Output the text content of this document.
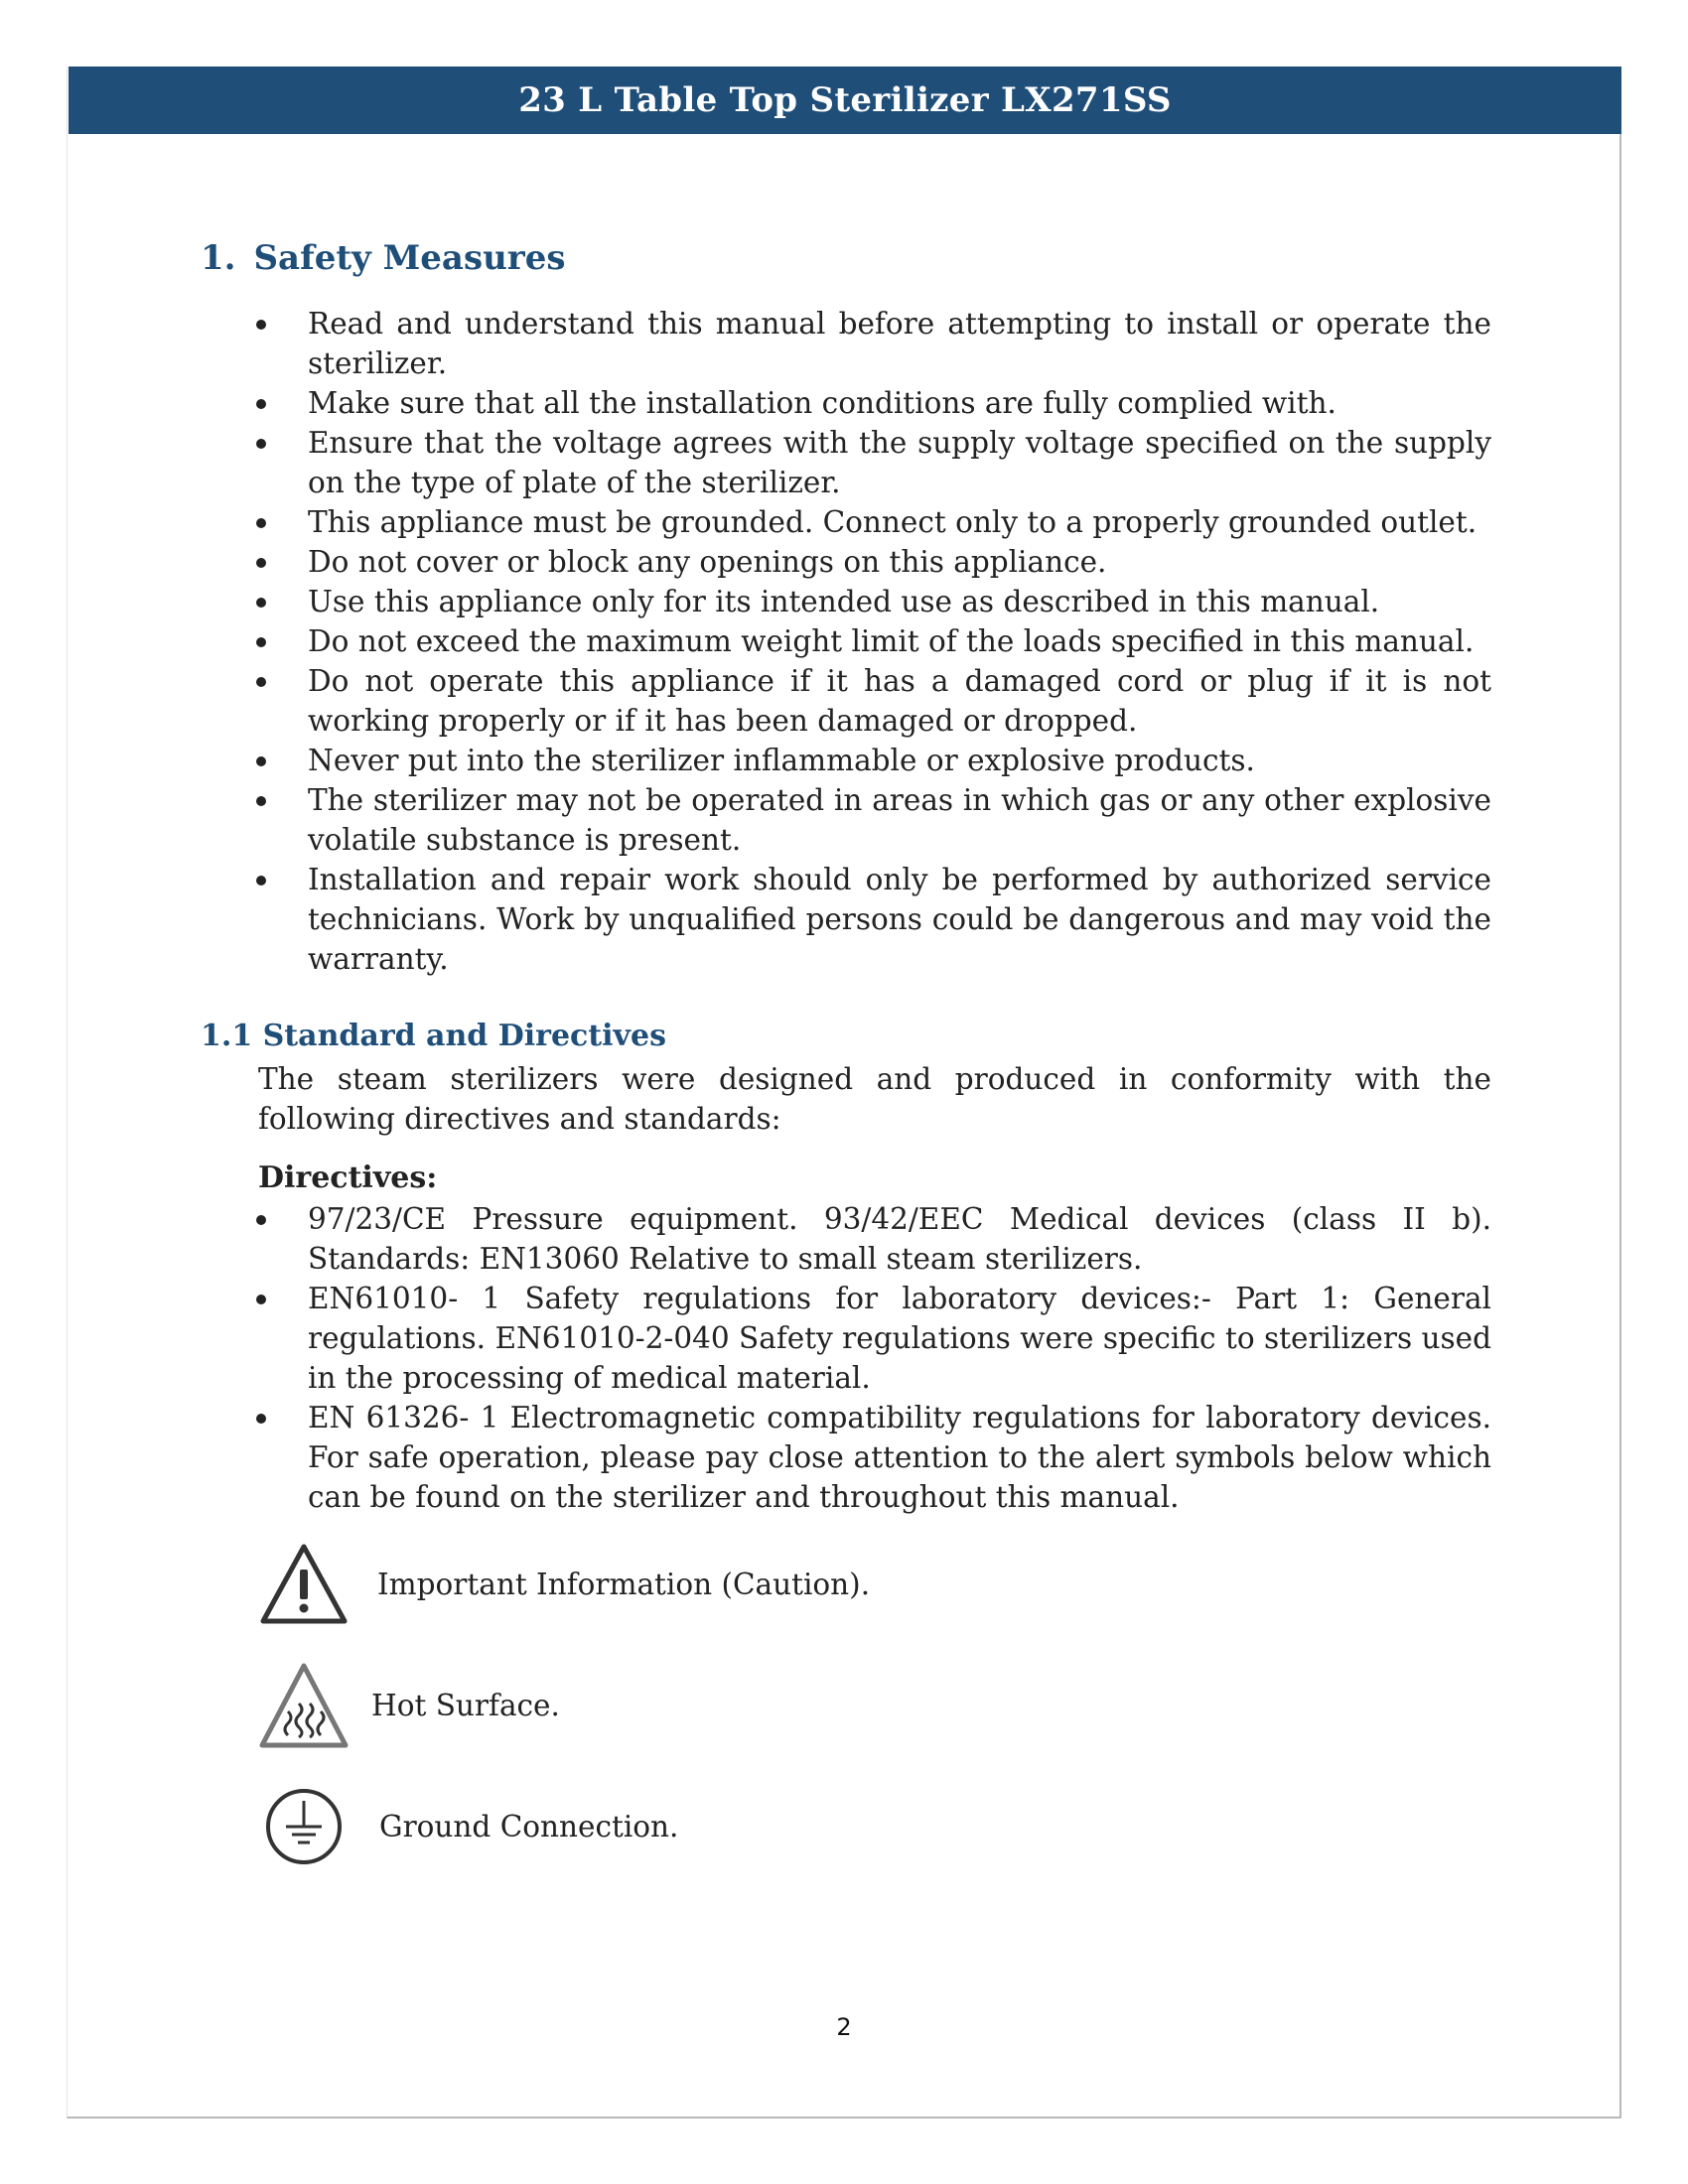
23 L Table Top Sterilizer LX271SS
1. Safety Measures
Read and understand this manual before attempting to install or operate the sterilizer.
Make sure that all the installation conditions are fully complied with.
Ensure that the voltage agrees with the supply voltage specified on the supply on the type of plate of the sterilizer.
This appliance must be grounded. Connect only to a properly grounded outlet.
Do not cover or block any openings on this appliance.
Use this appliance only for its intended use as described in this manual.
Do not exceed the maximum weight limit of the loads specified in this manual.
Do not operate this appliance if it has a damaged cord or plug if it is not working properly or if it has been damaged or dropped.
Never put into the sterilizer inflammable or explosive products.
The sterilizer may not be operated in areas in which gas or any other explosive volatile substance is present.
Installation and repair work should only be performed by authorized service technicians. Work by unqualified persons could be dangerous and may void the warranty.
1.1 Standard and Directives

The steam sterilizers were designed and produced in conformity with the following directives and standards:

Directives:
97/23/CE Pressure equipment. 93/42/EEC Medical devices (class II b). Standards: EN13060 Relative to small steam sterilizers.
EN61010- 1 Safety regulations for laboratory devices:- Part 1: General regulations. EN61010-2-040 Safety regulations were specific to sterilizers used in the processing of medical material.
EN 61326- 1 Electromagnetic compatibility regulations for laboratory devices. For safe operation, please pay close attention to the alert symbols below which can be found on the sterilizer and throughout this manual.
Important Information (Caution).
Hot Surface.
Ground Connection.
2
